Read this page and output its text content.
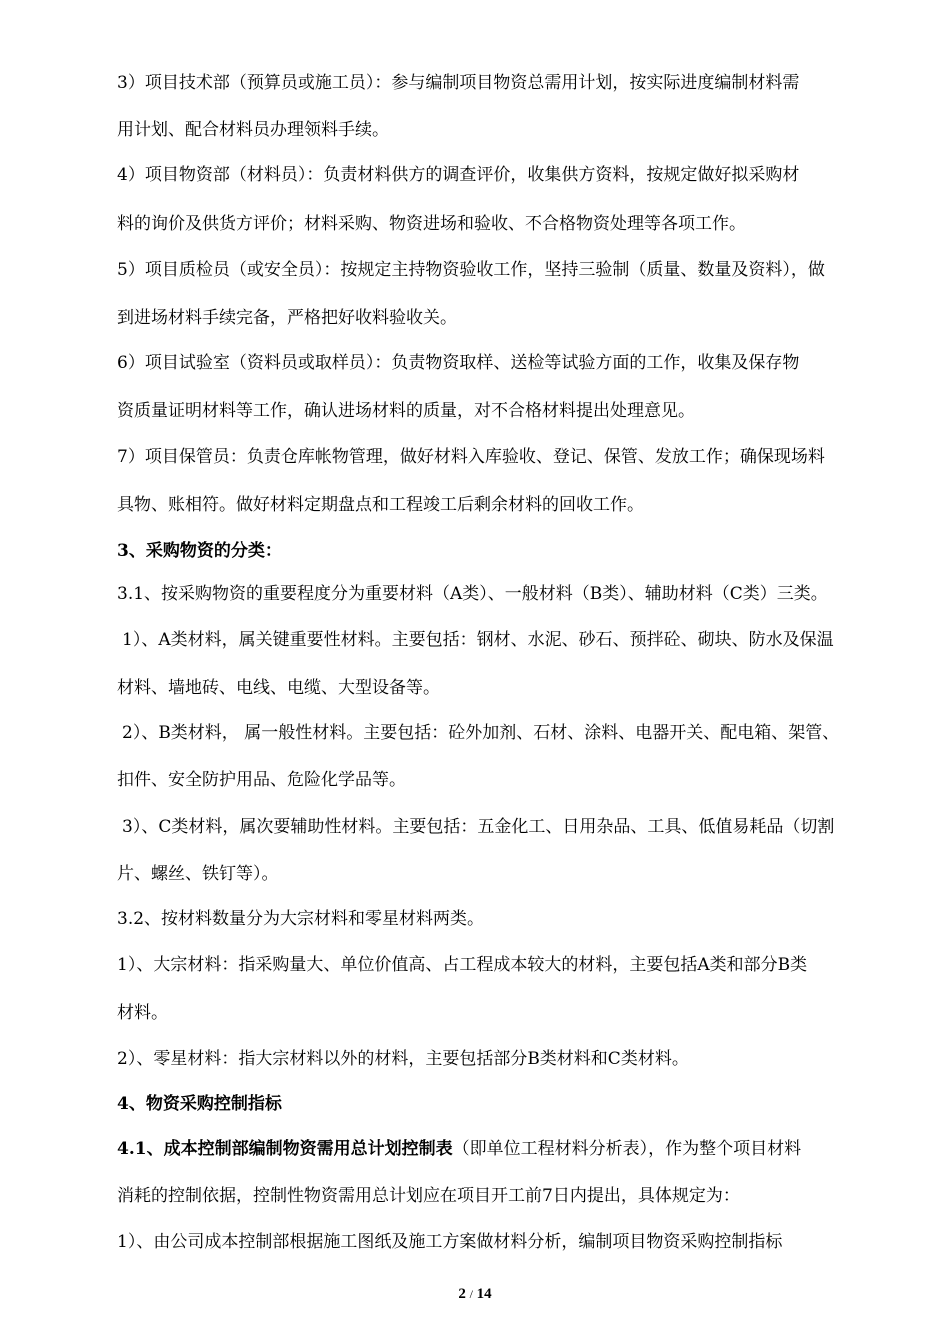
3）项目技术部（预算员或施工员）：参与编制项目物资总需用计划，按实际进度编制材料需
用计划、配合材料员办理领料手续。
4）项目物资部（材料员）：负责材料供方的调查评价，收集供方资料，按规定做好拟采购材
料的询价及供货方评价；材料采购、物资进场和验收、不合格物资处理等各项工作。
5）项目质检员（或安全员）：按规定主持物资验收工作，坚持三验制（质量、数量及资料），做
到进场材料手续完备，严格把好收料验收关。
6）项目试验室（资料员或取样员）：负责物资取样、送检等试验方面的工作，收集及保存物
资质量证明材料等工作，确认进场材料的质量，对不合格材料提出处理意见。
7）项目保管员：负责仓库帐物管理，做好材料入库验收、登记、保管、发放工作；确保现场料
具物、账相符。做好材料定期盘点和工程竣工后剩余材料的回收工作。
3、采购物资的分类：
3.1、按采购物资的重要程度分为重要材料（A类）、一般材料（B类）、辅助材料（C类）三类。
1）、A类材料，属关键重要性材料。主要包括：钢材、水泥、砂石、预拌砼、砌块、防水及保温
材料、墙地砖、电线、电缆、大型设备等。
2）、B类材料， 属一般性材料。主要包括：砼外加剂、石材、涂料、电器开关、配电箱、架管、
扣件、安全防护用品、危险化学品等。
3）、C类材料，属次要辅助性材料。主要包括：五金化工、日用杂品、工具、低值易耗品（切割
片、螺丝、铁钉等）。
3.2、按材料数量分为大宗材料和零星材料两类。
1）、大宗材料：指采购量大、单位价值高、占工程成本较大的材料，主要包括A类和部分B类
材料。
2）、零星材料：指大宗材料以外的材料，主要包括部分B类材料和C类材料。
4、物资采购控制指标
4.1、成本控制部编制物资需用总计划控制表（即单位工程材料分析表），作为整个项目材料
消耗的控制依据，控制性物资需用总计划应在项目开工前7日内提出，具体规定为：
1）、由公司成本控制部根据施工图纸及施工方案做材料分析，编制项目物资采购控制指标
2 / 14
